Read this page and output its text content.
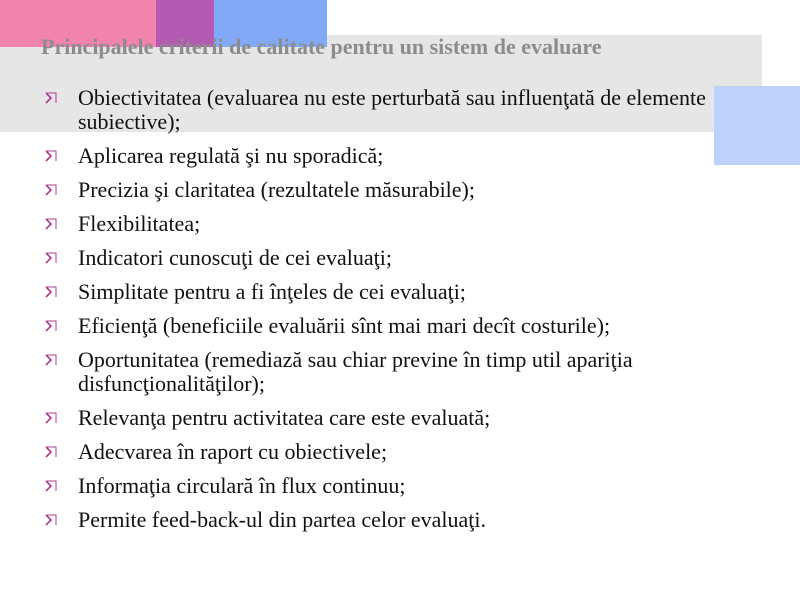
Principalele criterii de calitate pentru un sistem de evaluare
Obiectivitatea (evaluarea nu este perturbată sau influenţată de elemente subiective);
Aplicarea regulată şi nu sporadică;
Precizia şi claritatea (rezultatele măsurabile);
Flexibilitatea;
Indicatori cunoscuţi de cei evaluaţi;
Simplitate pentru a fi înţeles de cei evaluaţi;
Eficienţă (beneficiile evaluării sînt mai mari decît costurile);
Oportunitatea (remediază sau chiar previne în timp util apariţia disfuncţionalităţilor);
Relevanţa pentru activitatea care este evaluată;
Adecvarea în raport cu obiectivele;
Informaţia circulară în flux continuu;
Permite feed-back-ul din partea celor evaluaţi.
